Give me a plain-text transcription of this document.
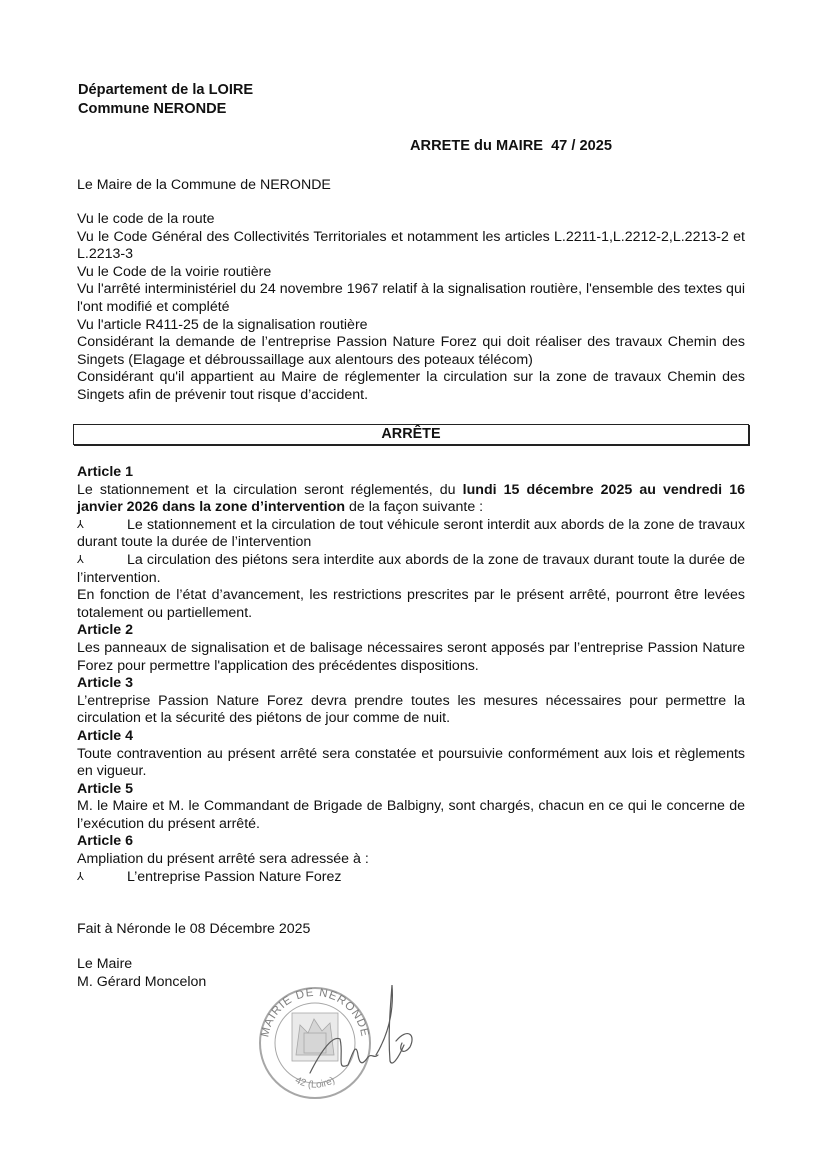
Département de la LOIRE
Commune NERONDE
ARRETE du MAIRE  47 / 2025
Le Maire de la Commune de NERONDE
Vu le code de la route
Vu le Code Général des Collectivités Territoriales et notamment les articles L.2211-1,L.2212-2,L.2213-2 et L.2213-3
Vu le Code de la voirie routière
Vu l'arrêté interministériel du 24 novembre 1967 relatif à la signalisation routière, l'ensemble des textes qui l'ont modifié et complété
Vu l'article R411-25 de la signalisation routière
Considérant la demande de l’entreprise Passion Nature Forez qui doit réaliser des travaux Chemin des Singets (Elagage et débroussaillage aux alentours des poteaux télécom)
Considérant qu'il appartient au Maire de réglementer la circulation sur la zone de travaux Chemin des Singets afin de prévenir tout risque d’accident.
ARRÊTE
Article 1
Le stationnement et la circulation seront réglementés, du lundi 15 décembre 2025 au vendredi 16 janvier 2026 dans la zone d’intervention de la façon suivante :
⅄	Le stationnement et la circulation de tout véhicule seront interdit aux abords de la zone de travaux durant toute la durée de l’intervention
⅄	La circulation des piétons sera interdite aux abords de la zone de travaux durant toute la durée de l’intervention.
En fonction de l’état d’avancement, les restrictions prescrites par le présent arrêté, pourront être levées totalement ou partiellement.
Article 2
Les panneaux de signalisation et de balisage nécessaires seront apposés par l’entreprise Passion Nature Forez pour permettre l'application des précédentes dispositions.
Article 3
L’entreprise Passion Nature Forez devra prendre toutes les mesures nécessaires pour permettre la circulation et la sécurité des piétons de jour comme de nuit.
Article 4
Toute contravention au présent arrêté sera constatée et poursuivie conformément aux lois et règlements en vigueur.
Article 5
M. le Maire et M. le Commandant de Brigade de Balbigny, sont chargés, chacun en ce qui le concerne de l’exécution du présent arrêté.
Article 6
Ampliation du présent arrêté sera adressée à :
⅄	L’entreprise Passion Nature Forez
Fait à Néronde le 08 Décembre 2025
Le Maire
M. Gérard Moncelon
MAIRIE DE NERONDE
42 (Loire)
